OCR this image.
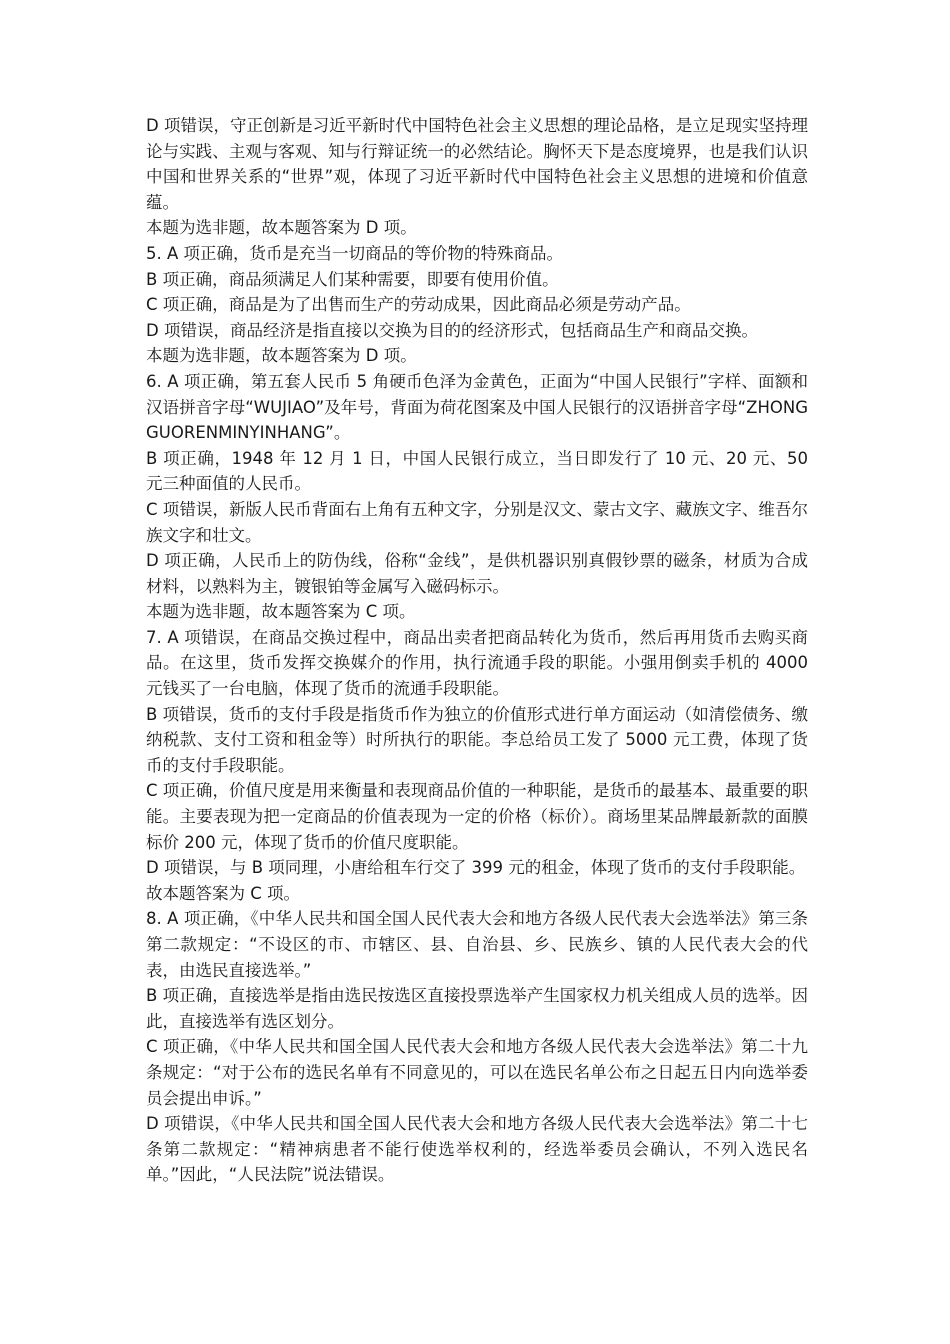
D 项错误，守正创新是习近平新时代中国特色社会主义思想的理论品格，是立足现实坚持理论与实践、主观与客观、知与行辩证统一的必然结论。胸怀天下是态度境界，也是我们认识中国和世界关系的“世界”观，体现了习近平新时代中国特色社会主义思想的进境和价值意蕴。

本题为选非题，故本题答案为 D 项。

5. A 项正确，货币是充当一切商品的等价物的特殊商品。

B 项正确，商品须满足人们某种需要，即要有使用价值。

C 项正确，商品是为了出售而生产的劳动成果，因此商品必须是劳动产品。

D 项错误，商品经济是指直接以交换为目的的经济形式，包括商品生产和商品交换。

本题为选非题，故本题答案为 D 项。

6. A 项正确，第五套人民币 5 角硬币色泽为金黄色，正面为“中国人民银行”字样、面额和汉语拼音字母“WUJIAO”及年号，背面为荷花图案及中国人民银行的汉语拼音字母“ZHONGGUORENMINYINHANG”。

B 项正确，1948 年 12 月 1 日，中国人民银行成立，当日即发行了 10 元、20 元、50 元三种面值的人民币。

C 项错误，新版人民币背面右上角有五种文字，分别是汉文、蒙古文字、藏族文字、维吾尔族文字和壮文。

D 项正确，人民币上的防伪线，俗称“金线”，是供机器识别真假钞票的磁条，材质为合成材料，以熟料为主，镀银铂等金属写入磁码标示。

本题为选非题，故本题答案为 C 项。

7. A 项错误，在商品交换过程中，商品出卖者把商品转化为货币，然后再用货币去购买商品。在这里，货币发挥交换媒介的作用，执行流通手段的职能。小强用倒卖手机的 4000 元钱买了一台电脑，体现了货币的流通手段职能。

B 项错误，货币的支付手段是指货币作为独立的价值形式进行单方面运动（如清偿债务、缴纳税款、支付工资和租金等）时所执行的职能。李总给员工发了 5000 元工费，体现了货币的支付手段职能。

C 项正确，价值尺度是用来衡量和表现商品价值的一种职能，是货币的最基本、最重要的职能。主要表现为把一定商品的价值表现为一定的价格（标价）。商场里某品牌最新款的面膜标价 200 元，体现了货币的价值尺度职能。

D 项错误，与 B 项同理，小唐给租车行交了 399 元的租金，体现了货币的支付手段职能。

故本题答案为 C 项。

8. A 项正确，《中华人民共和国全国人民代表大会和地方各级人民代表大会选举法》第三条第二款规定：“不设区的市、市辖区、县、自治县、乡、民族乡、镇的人民代表大会的代表，由选民直接选举。”

B 项正确，直接选举是指由选民按选区直接投票选举产生国家权力机关组成人员的选举。因此，直接选举有选区划分。

C 项正确，《中华人民共和国全国人民代表大会和地方各级人民代表大会选举法》第二十九条规定：“对于公布的选民名单有不同意见的，可以在选民名单公布之日起五日内向选举委员会提出申诉。”

D 项错误，《中华人民共和国全国人民代表大会和地方各级人民代表大会选举法》第二十七条第二款规定：“精神病患者不能行使选举权利的，经选举委员会确认，不列入选民名单。”因此，“人民法院”说法错误。
